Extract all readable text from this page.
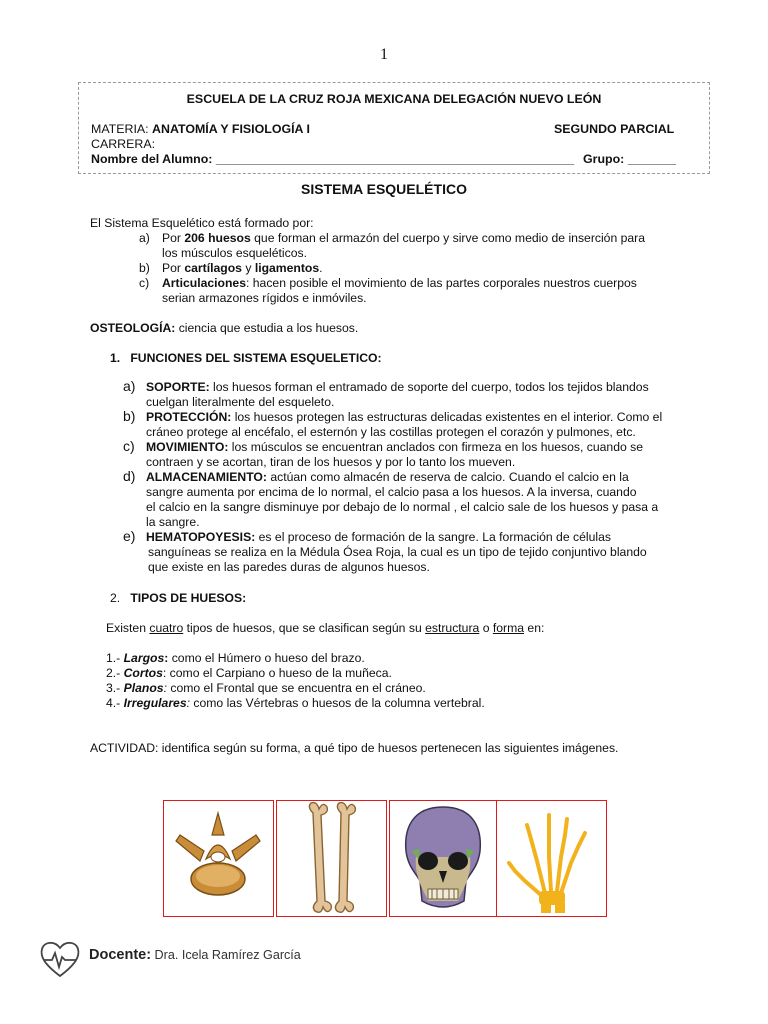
1
ESCUELA DE LA CRUZ ROJA MEXICANA DELEGACIÓN NUEVO LEÓN
MATERIA: ANATOMÍA Y FISIOLOGÍA I	SEGUNDO PARCIAL
CARRERA:
Nombre del Alumno: ____________________________________________________ Grupo: _______
SISTEMA ESQUELÉTICO
El Sistema Esquelético está formado por:
a) Por 206 huesos que forman el armazón del cuerpo y sirve como medio de inserción para
los músculos esqueléticos.
b) Por cartílagos y ligamentos.
c) Articulaciones: hacen posible el movimiento de las partes corporales nuestros cuerpos
serian armazones rígidos e inmóviles.
OSTEOLOGÍA: ciencia que estudia a los huesos.
1. FUNCIONES DEL SISTEMA ESQUELETICO:
a) SOPORTE: los huesos forman el entramado de soporte del cuerpo, todos los tejidos blandos
cuelgan literalmente del esqueleto.
b) PROTECCIÓN: los huesos protegen las estructuras delicadas existentes en el interior. Como el
cráneo protege al encéfalo, el esternón y las costillas protegen el corazón y pulmones, etc.
c) MOVIMIENTO: los músculos se encuentran anclados con firmeza en los huesos, cuando se
contraen y se acortan, tiran de los huesos y por lo tanto los mueven.
d) ALMACENAMIENTO: actúan como almacén de reserva de calcio. Cuando el calcio en la
sangre aumenta por encima de lo normal, el calcio pasa a los huesos. A la inversa, cuando
el calcio en la sangre disminuye por debajo de lo normal , el calcio sale de los huesos y pasa a
la sangre.
e) HEMATOPOYESIS: es el proceso de formación de la sangre. La formación de células
sanguíneas se realiza en la Médula Ósea Roja, la cual es un tipo de tejido conjuntivo blando
que existe en las paredes duras de algunos huesos.
2. TIPOS DE HUESOS:
Existen cuatro tipos de huesos, que se clasifican según su estructura o forma en:
1.- Largos: como el Húmero o hueso del brazo.
2.- Cortos: como el Carpiano o hueso de la muñeca.
3.- Planos: como el Frontal que se encuentra en el cráneo.
4.- Irregulares: como las Vértebras o huesos de la columna vertebral.
ACTIVIDAD: identifica según su forma, a qué tipo de huesos pertenecen las siguientes imágenes.
Docente: Dra. Icela Ramírez García
